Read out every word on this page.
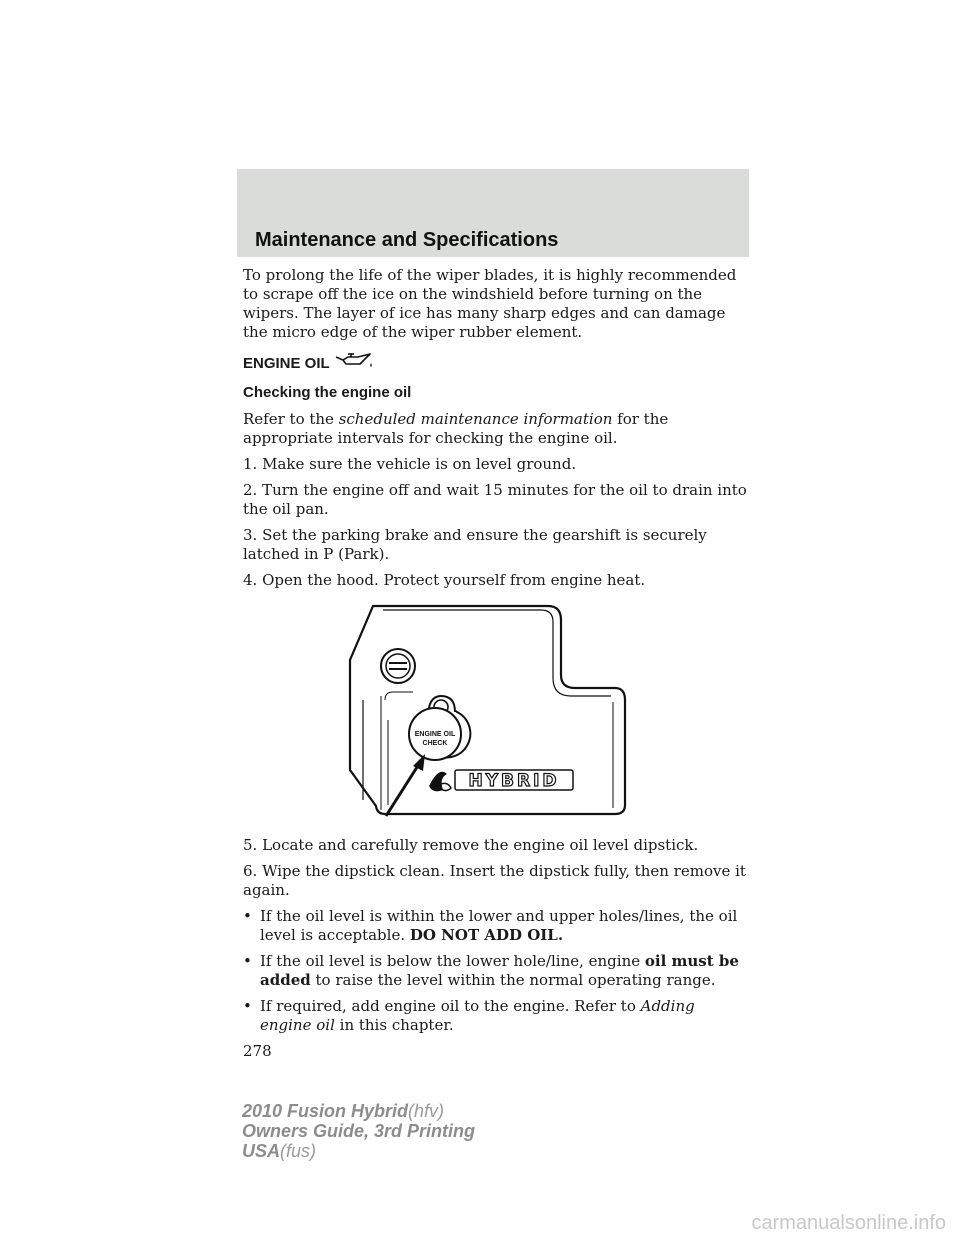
Maintenance and Specifications

To prolong the life of the wiper blades, it is highly recommended to scrape off the ice on the windshield before turning on the wipers. The layer of ice has many sharp edges and can damage the micro edge of the wiper rubber element.

ENGINE OIL
Checking the engine oil

Refer to the scheduled maintenance information for the appropriate intervals for checking the engine oil.

1. Make sure the vehicle is on level ground.

2. Turn the engine off and wait 15 minutes for the oil to drain into the oil pan.

3. Set the parking brake and ensure the gearshift is securely latched in P (Park).

4. Open the hood. Protect yourself from engine heat.

ENGINE OIL
CHECK
HYBRID

5. Locate and carefully remove the engine oil level dipstick.

6. Wipe the dipstick clean. Insert the dipstick fully, then remove it again.

• If the oil level is within the lower and upper holes/lines, the oil level is acceptable. DO NOT ADD OIL.
• If the oil level is below the lower hole/line, engine oil must be added to raise the level within the normal operating range.
• If required, add engine oil to the engine. Refer to Adding engine oil in this chapter.
278
2010 Fusion Hybrid(hfv)
Owners Guide, 3rd Printing
USA(fus)
carmanualsonline.info
